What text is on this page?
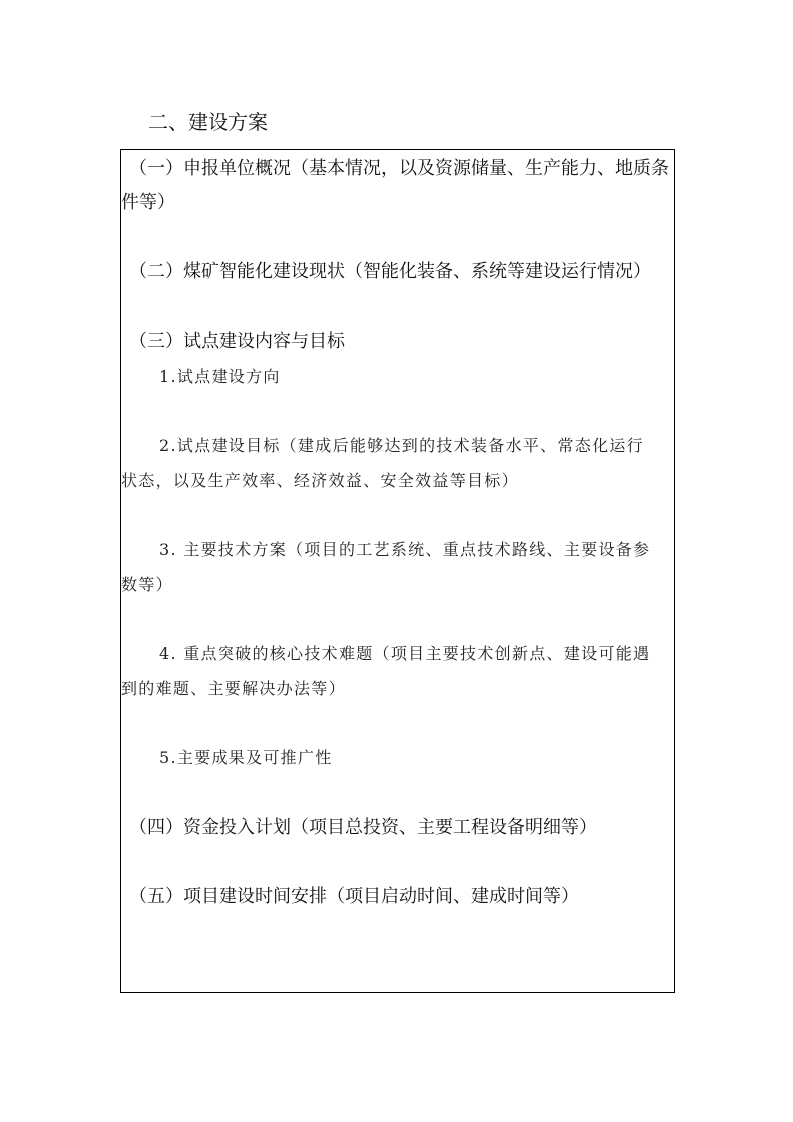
二、建设方案

（一）申报单位概况（基本情况，以及资源储量、生产能力、地质条

件等）

（二）煤矿智能化建设现状（智能化装备、系统等建设运行情况）

（三）试点建设内容与目标

1.试点建设方向

2.试点建设目标（建成后能够达到的技术装备水平、常态化运行

状态，以及生产效率、经济效益、安全效益等目标）

3. 主要技术方案（项目的工艺系统、重点技术路线、主要设备参

数等）

4. 重点突破的核心技术难题（项目主要技术创新点、建设可能遇

到的难题、主要解决办法等）

5.主要成果及可推广性

（四）资金投入计划（项目总投资、主要工程设备明细等）

（五）项目建设时间安排（项目启动时间、建成时间等）
